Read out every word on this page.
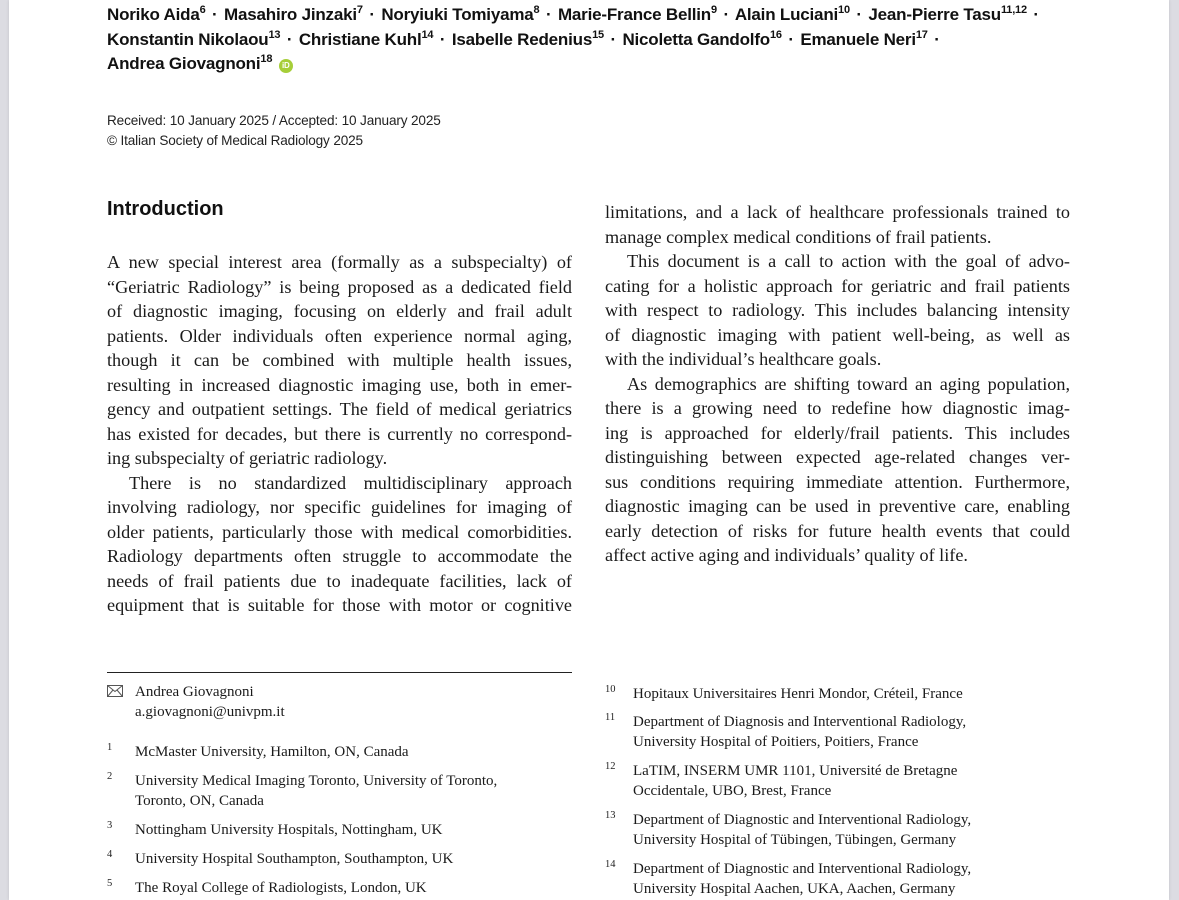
Noriko Aida$^6$ · Masahiro Jinzaki$^7$ · Noryiuki Tomiyama$^8$ · Marie-France Bellin$^9$ · Alain Luciani$^{10}$ · Jean-Pierre Tasu$^{11,12}$ ·
Konstantin Nikolaou$^{13}$ · Christiane Kuhl$^{14}$ · Isabelle Redenius$^{15}$ · Nicoletta Gandolfo$^{16}$ · Emanuele Neri$^{17}$ ·
Andrea Giovagnoni$^{18}$ iD
Received: 10 January 2025 / Accepted: 10 January 2025
© Italian Society of Medical Radiology 2025
Introduction
A new special interest area (formally as a subspecialty) of
“Geriatric Radiology” is being proposed as a dedicated field
of diagnostic imaging, focusing on elderly and frail adult
patients. Older individuals often experience normal aging,
though it can be combined with multiple health issues,
resulting in increased diagnostic imaging use, both in emer-
gency and outpatient settings. The field of medical geriatrics
has existed for decades, but there is currently no correspond-
ing subspecialty of geriatric radiology.
There is no standardized multidisciplinary approach
involving radiology, nor specific guidelines for imaging of
older patients, particularly those with medical comorbidities.
Radiology departments often struggle to accommodate the
needs of frail patients due to inadequate facilities, lack of
equipment that is suitable for those with motor or cognitive
limitations, and a lack of healthcare professionals trained to
manage complex medical conditions of frail patients.
This document is a call to action with the goal of advo-
cating for a holistic approach for geriatric and frail patients
with respect to radiology. This includes balancing intensity
of diagnostic imaging with patient well-being, as well as
with the individual’s healthcare goals.
As demographics are shifting toward an aging population,
there is a growing need to redefine how diagnostic imag-
ing is approached for elderly/frail patients. This includes
distinguishing between expected age-related changes ver-
sus conditions requiring immediate attention. Furthermore,
diagnostic imaging can be used in preventive care, enabling
early detection of risks for future health events that could
affect active aging and individuals’ quality of life.
Andrea Giovagnoni
a.giovagnoni@univpm.it
1 McMaster University, Hamilton, ON, Canada
2 University Medical Imaging Toronto, University of Toronto,
Toronto, ON, Canada
3 Nottingham University Hospitals, Nottingham, UK
4 University Hospital Southampton, Southampton, UK
5 The Royal College of Radiologists, London, UK
10 Hopitaux Universitaires Henri Mondor, Créteil, France
11 Department of Diagnosis and Interventional Radiology,
University Hospital of Poitiers, Poitiers, France
12 LaTIM, INSERM UMR 1101, Université de Bretagne
Occidentale, UBO, Brest, France
13 Department of Diagnostic and Interventional Radiology,
University Hospital of Tübingen, Tübingen, Germany
14 Department of Diagnostic and Interventional Radiology,
University Hospital Aachen, UKA, Aachen, Germany
